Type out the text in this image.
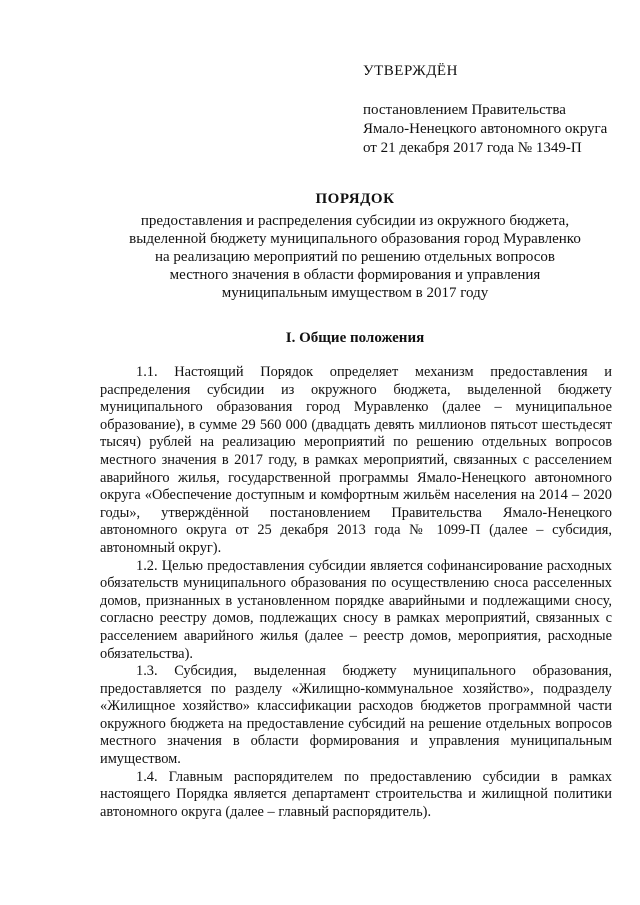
УТВЕРЖДЁН
постановлением Правительства
Ямало-Ненецкого автономного округа
от 21 декабря 2017 года № 1349-П
ПОРЯДОК
предоставления и распределения субсидии из окружного бюджета,
выделенной бюджету муниципального образования город Муравленко
на реализацию мероприятий по решению отдельных вопросов
местного значения в области формирования и управления
муниципальным имуществом в 2017 году
I. Общие положения

1.1. Настоящий Порядок определяет механизм предоставления и распределения субсидии из окружного бюджета, выделенной бюджету муниципального образования город Муравленко (далее – муниципальное образование), в сумме 29 560 000 (двадцать девять миллионов пятьсот шестьдесят тысяч) рублей на реализацию мероприятий по решению отдельных вопросов местного значения в 2017 году, в рамках мероприятий, связанных с расселением аварийного жилья, государственной программы Ямало-Ненецкого автономного округа «Обеспечение доступным и комфортным жильём населения на 2014 – 2020 годы», утверждённой постановлением Правительства Ямало-Ненецкого автономного округа от 25 декабря 2013 года № 1099-П (далее – субсидия, автономный округ).

1.2. Целью предоставления субсидии является софинансирование расходных обязательств муниципального образования по осуществлению сноса расселенных домов, признанных в установленном порядке аварийными и подлежащими сносу, согласно реестру домов, подлежащих сносу в рамках мероприятий, связанных с расселением аварийного жилья (далее – реестр домов, мероприятия, расходные обязательства).

1.3. Субсидия, выделенная бюджету муниципального образования, предоставляется по разделу «Жилищно-коммунальное хозяйство», подразделу «Жилищное хозяйство» классификации расходов бюджетов программной части окружного бюджета на предоставление субсидий на решение отдельных вопросов местного значения в области формирования и управления муниципальным имуществом.

1.4. Главным распорядителем по предоставлению субсидии в рамках настоящего Порядка является департамент строительства и жилищной политики автономного округа (далее – главный распорядитель).
